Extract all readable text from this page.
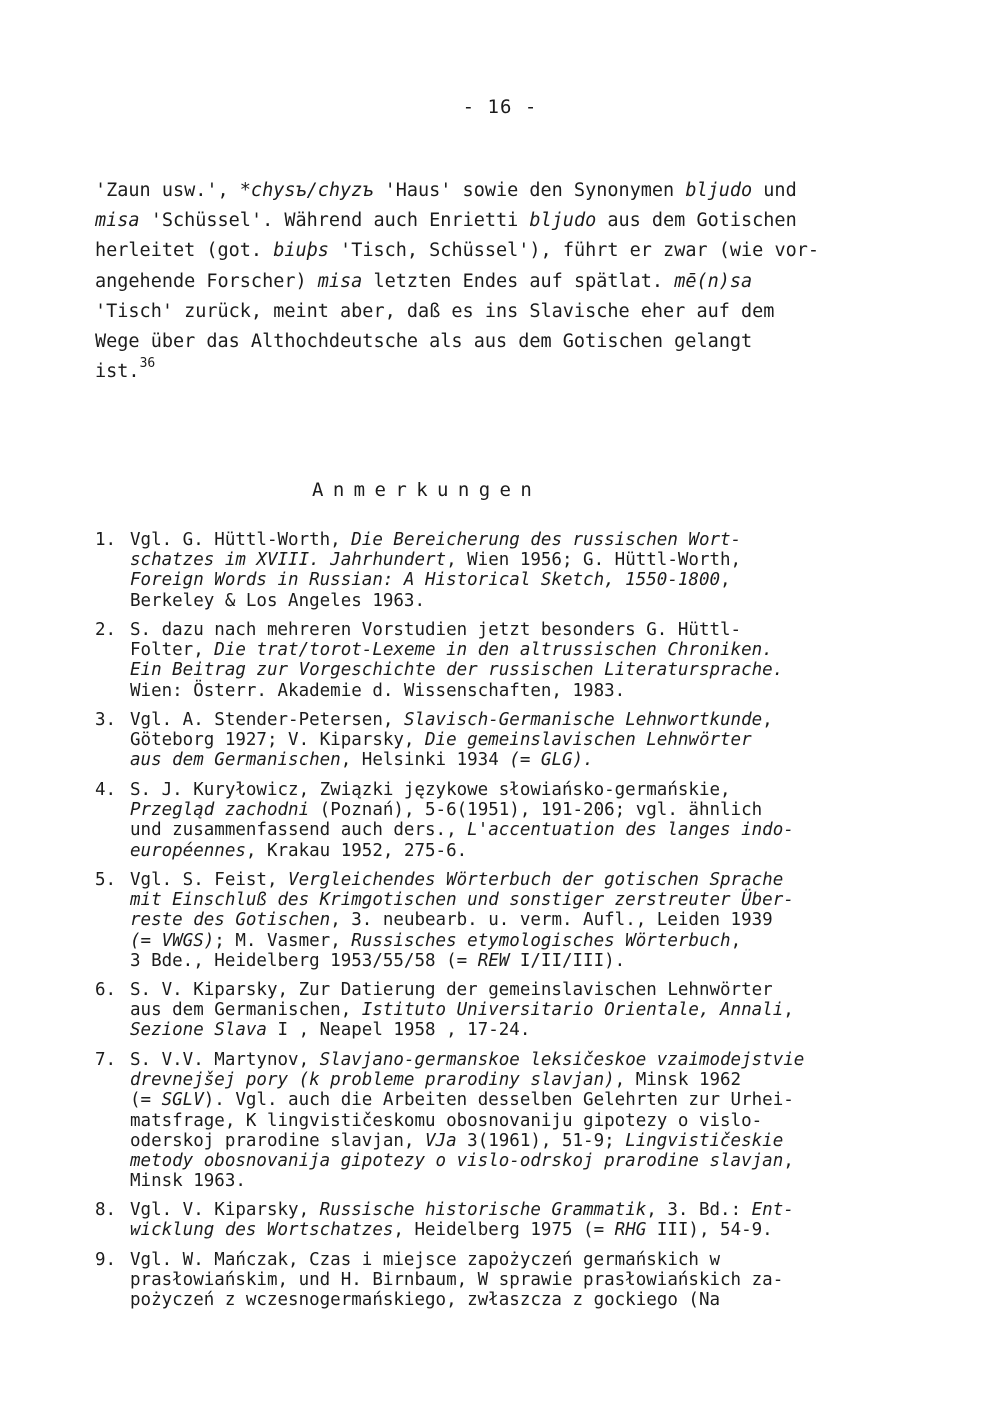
- 16 -
'Zaun usw.', *chysъ/chyzъ 'Haus' sowie den Synonymen bljudo und
misa 'Schüssel'. Während auch Enrietti bljudo aus dem Gotischen
herleitet (got. biuþs 'Tisch, Schüssel'), führt er zwar (wie vor-
angehende Forscher) misa letzten Endes auf spätlat. mē(n)sa
'Tisch' zurück, meint aber, daß es ins Slavische eher auf dem
Wege über das Althochdeutsche als aus dem Gotischen gelangt
ist.$^{36}$
Anmerkungen
1. Vgl. G. Hüttl-Worth, Die Bereicherung des russischen Wort-
schatzes im XVIII. Jahrhundert, Wien 1956; G. Hüttl-Worth,
Foreign Words in Russian: A Historical Sketch, 1550-1800,
Berkeley & Los Angeles 1963.
2. S. dazu nach mehreren Vorstudien jetzt besonders G. Hüttl-
Folter, Die trat/torot-Lexeme in den altrussischen Chroniken.
Ein Beitrag zur Vorgeschichte der russischen Literatursprache.
Wien: Österr. Akademie d. Wissenschaften, 1983.
3. Vgl. A. Stender-Petersen, Slavisch-Germanische Lehnwortkunde,
Göteborg 1927; V. Kiparsky, Die gemeinslavischen Lehnwörter
aus dem Germanischen, Helsinki 1934 (= GLG).
4. S. J. Kuryłowicz, Związki językowe słowiańsko-germańskie,
Przegląd zachodni (Poznań), 5-6(1951), 191-206; vgl. ähnlich
und zusammenfassend auch ders., L'accentuation des langes indo-
européennes, Krakau 1952, 275-6.
5. Vgl. S. Feist, Vergleichendes Wörterbuch der gotischen Sprache
mit Einschluß des Krimgotischen und sonstiger zerstreuter Über-
reste des Gotischen, 3. neubearb. u. verm. Aufl., Leiden 1939
(= VWGS); M. Vasmer, Russisches etymologisches Wörterbuch,
3 Bde., Heidelberg 1953/55/58 (= REW I/II/III).
6. S. V. Kiparsky, Zur Datierung der gemeinslavischen Lehnwörter
aus dem Germanischen, Istituto Universitario Orientale, Annali,
Sezione Slava I , Neapel 1958 , 17-24.
7. S. V.V. Martynov, Slavjano-germanskoe leksičeskoe vzaimodejstvie
drevnejšej pory (k probleme prarodiny slavjan), Minsk 1962
(= SGLV). Vgl. auch die Arbeiten desselben Gelehrten zur Urhei-
matsfrage, K lingvističeskomu obosnovaniju gipotezy o vislo-
oderskoj prarodine slavjan, VJa 3(1961), 51-9; Lingvističeskie
metody obosnovanija gipotezy o vislo-odrskoj prarodine slavjan,
Minsk 1963.
8. Vgl. V. Kiparsky, Russische historische Grammatik, 3. Bd.: Ent-
wicklung des Wortschatzes, Heidelberg 1975 (= RHG III), 54-9.
9. Vgl. W. Mańczak, Czas i miejsce zapożyczeń germańskich w
prasłowiańskim, und H. Birnbaum, W sprawie prasłowiańskich za-
pożyczeń z wczesnogermańskiego, zwłaszcza z gockiego (Na
